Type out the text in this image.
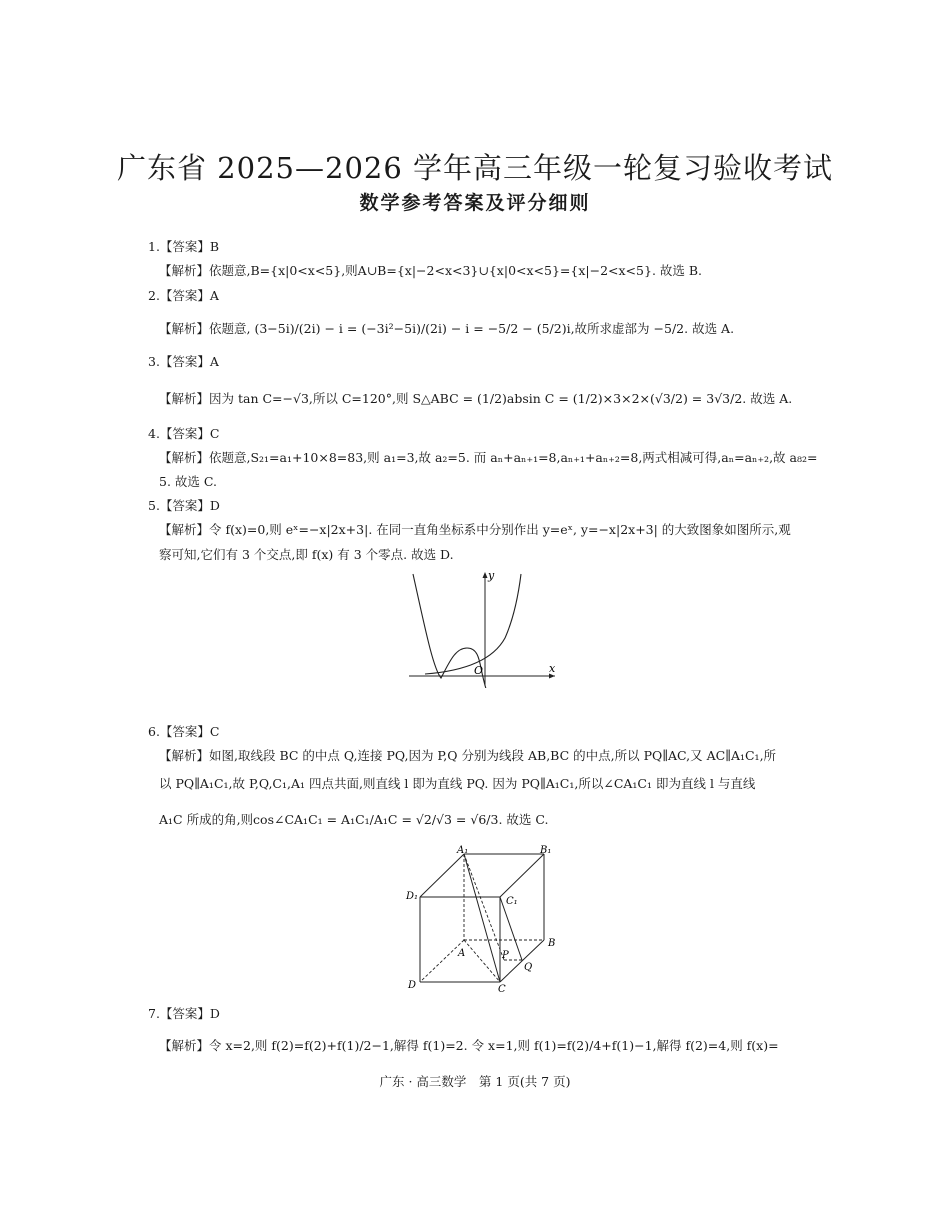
广东省 2025—2026 学年高三年级一轮复习验收考试
数学参考答案及评分细则
1.【答案】B
【解析】依题意,B={x|0<x<5},则A∪B={x|−2<x<3}∪{x|0<x<5}={x|−2<x<5}. 故选 B.
2.【答案】A
【解析】依题意, (3−5i)/(2i) − i = (−3i²−5i)/(2i) − i = −5/2 − (5/2)i,故所求虚部为 −5/2. 故选 A.
3.【答案】A
【解析】因为 tan C=−√3,所以 C=120°,则 S△ABC = (1/2)absin C = (1/2)×3×2×(√3/2) = 3√3/2. 故选 A.
4.【答案】C
【解析】依题意,S₂₁=a₁+10×8=83,则 a₁=3,故 a₂=5. 而 aₙ+aₙ₊₁=8,aₙ₊₁+aₙ₊₂=8,两式相减可得,aₙ=aₙ₊₂,故 a₈₂=
5. 故选 C.
5.【答案】D
【解析】令 f(x)=0,则 eˣ=−x|2x+3|. 在同一直角坐标系中分别作出 y=eˣ, y=−x|2x+3| 的大致图象如图所示,观
察可知,它们有 3 个交点,即 f(x) 有 3 个零点. 故选 D.
y
x
O
6.【答案】C
【解析】如图,取线段 BC 的中点 Q,连接 PQ,因为 P,Q 分别为线段 AB,BC 的中点,所以 PQ∥AC,又 AC∥A₁C₁,所
以 PQ∥A₁C₁,故 P,Q,C₁,A₁ 四点共面,则直线 l 即为直线 PQ. 因为 PQ∥A₁C₁,所以∠CA₁C₁ 即为直线 l 与直线
A₁C 所成的角,则cos∠CA₁C₁ = A₁C₁/A₁C = √2/√3 = √6/3. 故选 C.
A₁	B₁
D₁	C₁
B
A	P
Q
D	C
7.【答案】D
【解析】令 x=2,则 f(2)=f(2)+f(1)/2−1,解得 f(1)=2. 令 x=1,则 f(1)=f(2)/4+f(1)−1,解得 f(2)=4,则 f(x)=
广东 · 高三数学　第 1 页(共 7 页)
